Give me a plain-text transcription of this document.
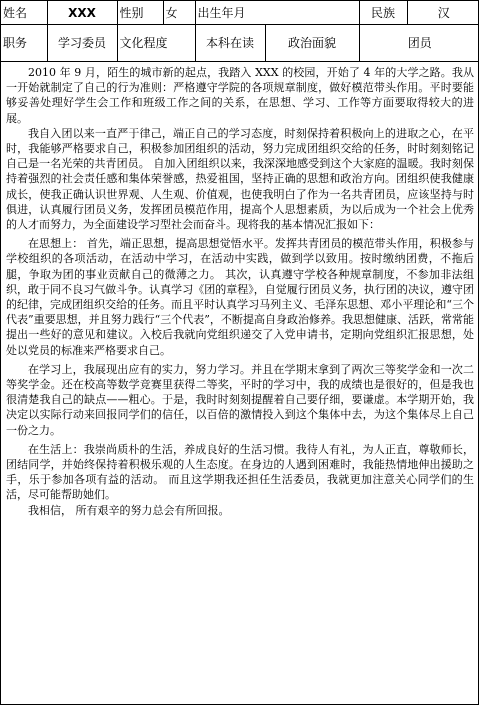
姓名	XXX	性别	女	出生年月		民族	汉
职务	学习委员	文化程度		本科在读	政治面貌	团员	

2010 年 9 月，陌生的城市新的起点，我踏入 XXX 的校园，开始了 4 年的大学之路。我从一开始就制定了自己的行为准则：严格遵守学院的各项规章制度，做好模范带头作用。平时要能够妥善处理好学生会工作和班级工作之间的关系，在思想、学习、工作等方面要取得较大的进展。

我自入团以来一直严于律己，端正自己的学习态度，时刻保持着积极向上的进取之心，在平时，我能够严格要求自己，积极参加团组织的活动，努力完成团组织交给的任务，时时刻刻铭记自己是一名光荣的共青团员。 自加入团组织以来，我深深地感受到这个大家庭的温暖。我时刻保持着强烈的社会责任感和集体荣誉感，热爱祖国，坚持正确的思想和政治方向。团组织使我健康成长，使我正确认识世界观、人生观、价值观，也使我明白了作为一名共青团员，应该坚持与时俱进，认真履行团员义务，发挥团员模范作用，提高个人思想素质，为以后成为一个社会上优秀的人才而努力，为全面建设学习型社会而奋斗。现将我的基本情况汇报如下：

在思想上： 首先，端正思想，提高思想觉悟水平。发挥共青团员的模范带头作用，积极参与学校组织的各项活动，在活动中学习，在活动中实践，做到学以致用。按时缴纳团费，不拖后腿，争取为团的事业贡献自己的微薄之力。 其次，认真遵守学校各种规章制度，不参加非法组织，敢于同不良习气做斗争。认真学习《团的章程》，自觉履行团员义务，执行团的决议，遵守团的纪律，完成团组织交给的任务。而且平时认真学习马列主义、毛泽东思想、邓小平理论和“三个代表”重要思想，并且努力践行“三个代表”，不断提高自身政治修养。我思想健康、活跃，常常能提出一些好的意见和建议。入校后我就向党组织递交了入党申请书，定期向党组织汇报思想，处处以党员的标准来严格要求自己。

在学习上，我展现出应有的实力，努力学习。并且在学期末拿到了两次三等奖学金和一次二等奖学金。还在校高等数学竞赛里获得二等奖，平时的学习中，我的成绩也是很好的，但是我也很清楚我自己的缺点——粗心。于是，我时时刻刻提醒着自己要仔细，要谦虚。本学期开始，我决定以实际行动来回报同学们的信任，以百倍的激情投入到这个集体中去，为这个集体尽上自己一份之力。

在生活上：我崇尚质朴的生活，养成良好的生活习惯。我待人有礼，为人正直，尊敬师长，团结同学，并始终保持着积极乐观的人生态度。在身边的人遇到困难时，我能热情地伸出援助之手，乐于参加各项有益的活动。 而且这学期我还担任生活委员，我就更加注意关心同学们的生活，尽可能帮助她们。

我相信， 所有艰辛的努力总会有所回报。
